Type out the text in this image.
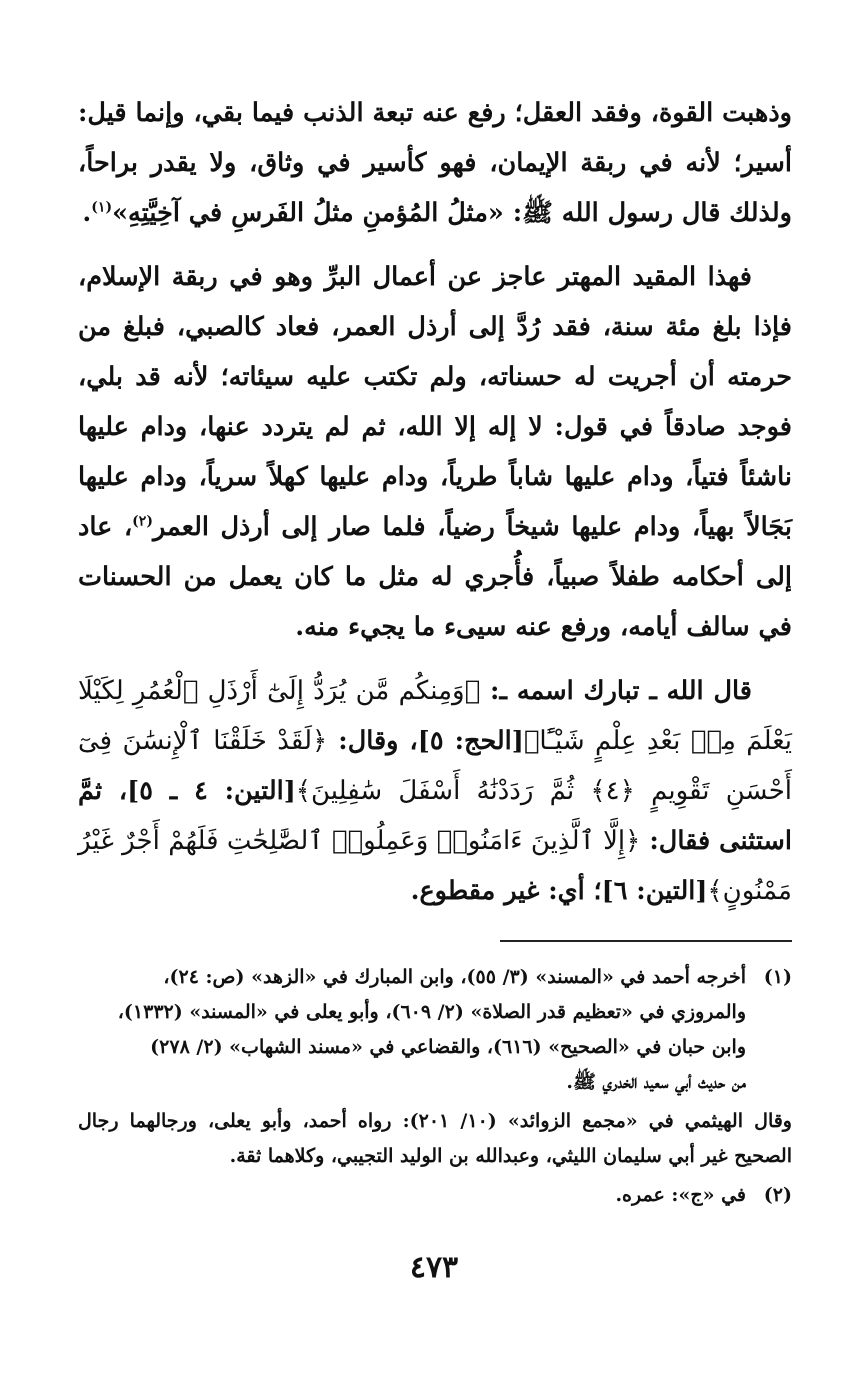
وذهبت القوة، وفقد العقل؛ رفع عنه تبعة الذنب فيما بقي، وإنما قيل: أسير؛ لأنه في ربقة الإيمان، فهو كأسير في وثاق، ولا يقدر براحاً، ولذلك قال رسول الله ﷺ: «مثلُ المُؤمنِ مثلُ الفَرسِ في آخِيَّتِهِ»$^{(١)}$.

فهذا المقيد المهتر عاجز عن أعمال البرِّ وهو في ربقة الإسلام، فإذا بلغ مئة سنة، فقد رُدَّ إلى أرذل العمر، فعاد كالصبي، فبلغ من حرمته أن أجريت له حسناته، ولم تكتب عليه سيئاته؛ لأنه قد بلي، فوجد صادقاً في قول: لا إله إلا الله، ثم لم يتردد عنها، ودام عليها ناشئاً فتياً، ودام عليها شاباً طرياً، ودام عليها كهلاً سرياً، ودام عليها بَجَالاً بهياً، ودام عليها شيخاً رضياً، فلما صار إلى أرذل العمر$^{(٢)}$، عاد إلى أحكامه طفلاً صبياً، فأُجري له مثل ما كان يعمل من الحسنات في سالف أيامه، ورفع عنه سيىء ما يجيء منه.

قال الله ـ تبارك اسمه ـ: ﴿وَمِنكُم مَّن يُرَدُّ إِلَىٰٓ أَرْذَلِ ٱلْعُمُرِ لِكَيْلَا يَعْلَمَ مِنۢ بَعْدِ عِلْمٍ شَيْـًٔا﴾[الحج: ٥]، وقال: ﴿لَقَدْ خَلَقْنَا ٱلْإِنسَٰنَ فِىٓ أَحْسَنِ تَقْوِيمٍ ﴿٤﴾ ثُمَّ رَدَدْنَٰهُ أَسْفَلَ سَٰفِلِينَ﴾[التين: ٤ ـ ٥]، ثمَّ استثنى فقال: ﴿إِلَّا ٱلَّذِينَ ءَامَنُوا۟ وَعَمِلُوا۟ ٱلصَّٰلِحَٰتِ فَلَهُمْ أَجْرٌ غَيْرُ مَمْنُونٍ﴾[التين: ٦]؛ أي: غير مقطوع.

(١)
أخرجه أحمد في «المسند» (٣/ ٥٥)، وابن المبارك في «الزهد» (ص: ٢٤)،
والمروزي في «تعظيم قدر الصلاة» (٢/ ٦٠٩)، وأبو يعلى في «المسند» (١٣٣٢)،
وابن حبان في «الصحيح» (٦١٦)، والقضاعي في «مسند الشهاب» (٢/ ٢٧٨)
من حديث أبي سعيد الخدري ﷺ.
وقال الهيثمي في «مجمع الزوائد» (١٠/ ٢٠١): رواه أحمد، وأبو يعلى، ورجالهما رجال الصحيح غير أبي سليمان الليثي، وعبدالله بن الوليد التجيبي، وكلاهما ثقة.
(٢)
في «ج»: عمره.
٤٧٣
